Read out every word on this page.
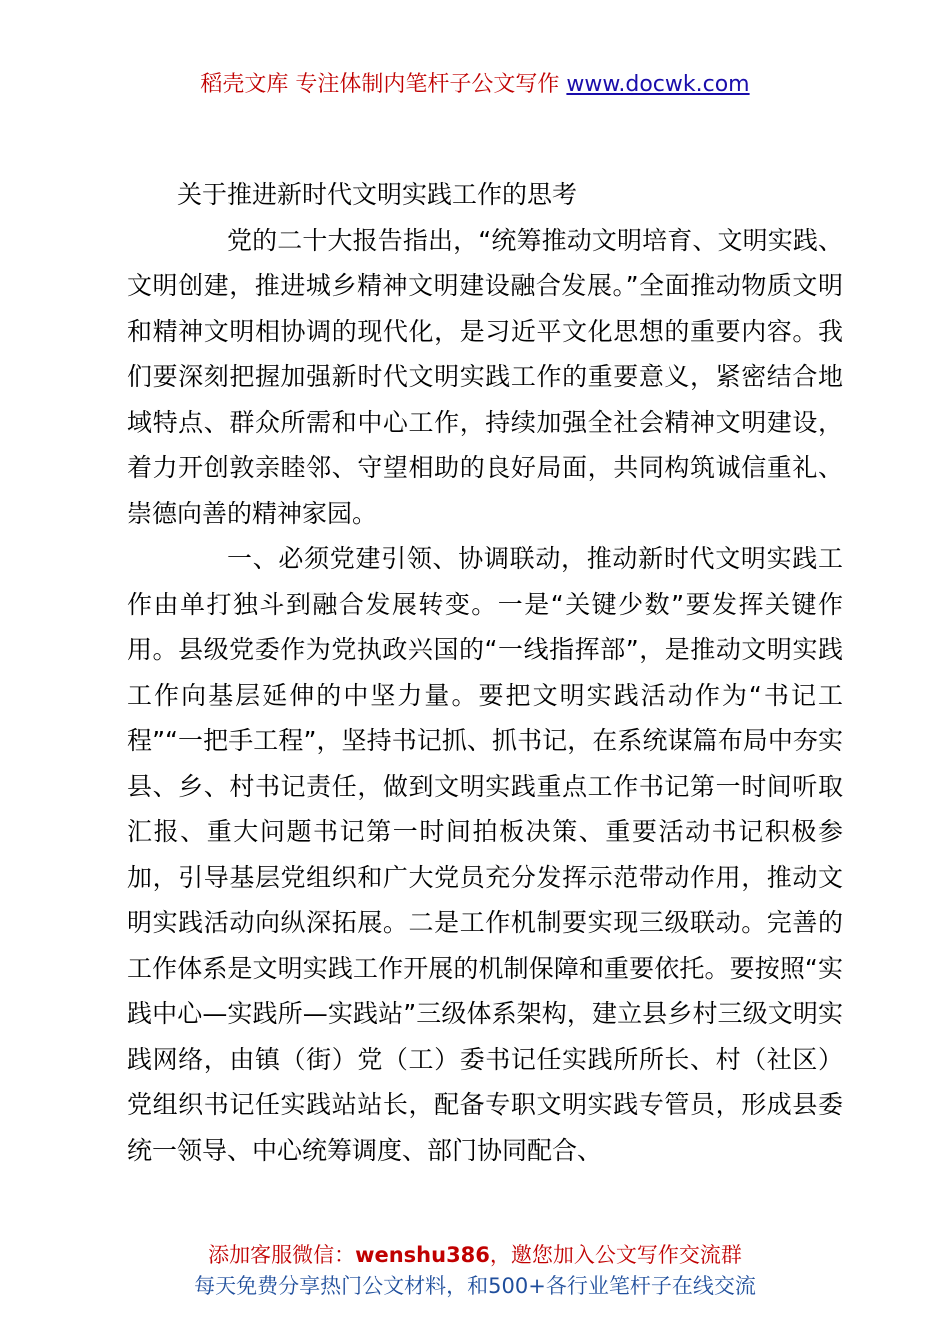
稻壳文库 专注体制内笔杆子公文写作 www.docwk.com

关于推进新时代文明实践工作的思考

党的二十大报告指出，“统筹推动文明培育、文明实践、文明创建，推进城乡精神文明建设融合发展。”全面推动物质文明和精神文明相协调的现代化，是习近平文化思想的重要内容。我们要深刻把握加强新时代文明实践工作的重要意义，紧密结合地域特点、群众所需和中心工作，持续加强全社会精神文明建设，着力开创敦亲睦邻、守望相助的良好局面，共同构筑诚信重礼、崇德向善的精神家园。

一、必须党建引领、协调联动，推动新时代文明实践工作由单打独斗到融合发展转变。一是“关键少数”要发挥关键作用。县级党委作为党执政兴国的“一线指挥部”，是推动文明实践工作向基层延伸的中坚力量。要把文明实践活动作为“书记工程”“一把手工程”，坚持书记抓、抓书记，在系统谋篇布局中夯实县、乡、村书记责任，做到文明实践重点工作书记第一时间听取汇报、重大问题书记第一时间拍板决策、重要活动书记积极参加，引导基层党组织和广大党员充分发挥示范带动作用，推动文明实践活动向纵深拓展。二是工作机制要实现三级联动。完善的工作体系是文明实践工作开展的机制保障和重要依托。要按照“实践中心—实践所—实践站”三级体系架构，建立县乡村三级文明实践网络，由镇（街）党（工）委书记任实践所所长、村（社区）党组织书记任实践站站长，配备专职文明实践专管员，形成县委统一领导、中心统筹调度、部门协同配合、

添加客服微信：wenshu386，邀您加入公文写作交流群
每天免费分享热门公文材料，和500+各行业笔杆子在线交流
